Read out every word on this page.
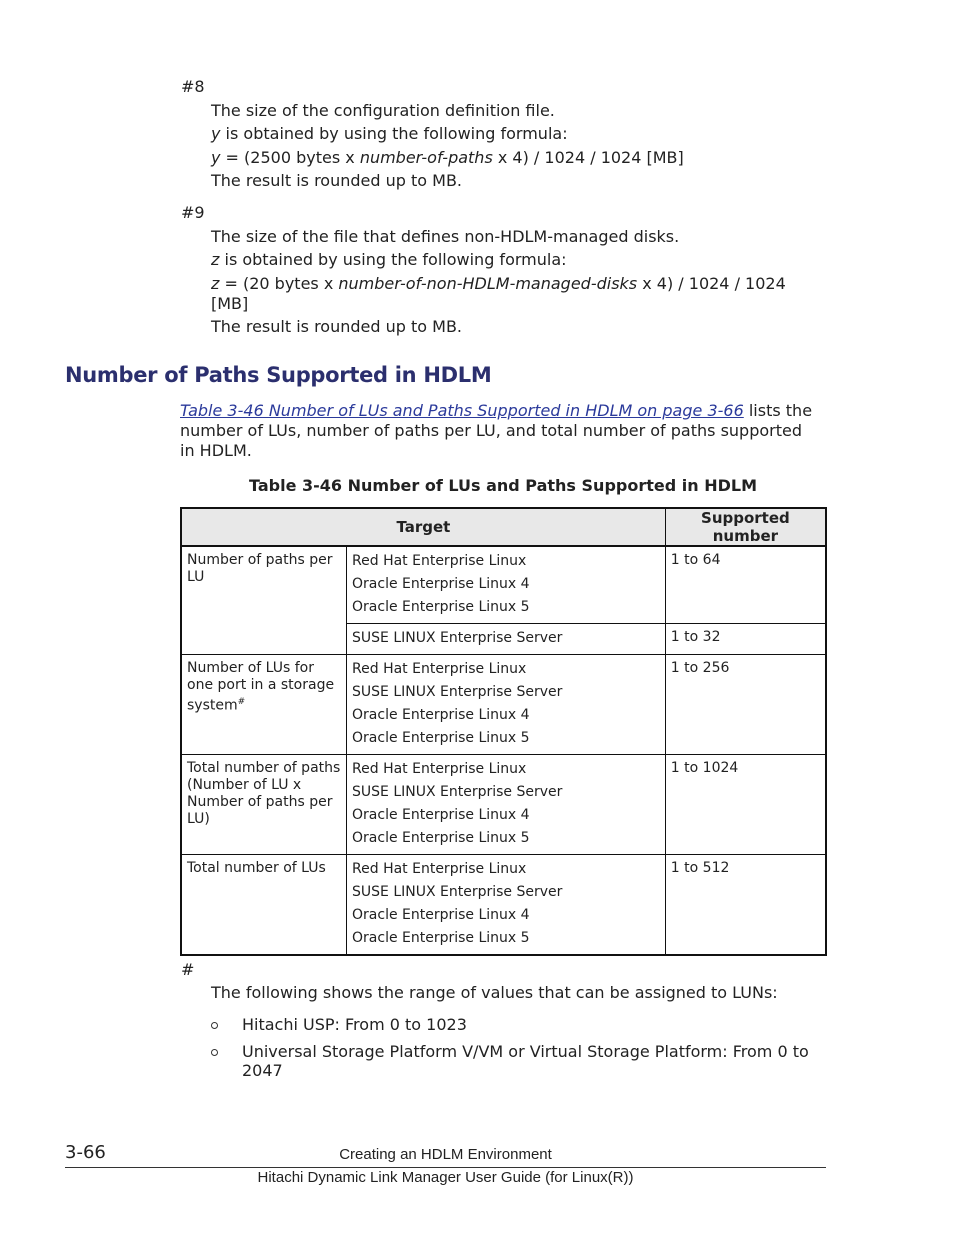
#8
The size of the configuration definition file.
y is obtained by using the following formula:
y = (2500 bytes x number-of-paths x 4) / 1024 / 1024 [MB]
The result is rounded up to MB.
#9
The size of the file that defines non-HDLM-managed disks.
z is obtained by using the following formula:
z = (20 bytes x number-of-non-HDLM-managed-disks x 4) / 1024 / 1024
[MB]
The result is rounded up to MB.
Number of Paths Supported in HDLM
Table 3-46 Number of LUs and Paths Supported in HDLM on page 3-66 lists the number of LUs, number of paths per LU, and total number of paths supported in HDLM.
Table 3-46 Number of LUs and Paths Supported in HDLM
Target		Supported number
Number of paths per LU	Red Hat Enterprise Linux
Oracle Enterprise Linux 4
Oracle Enterprise Linux 5	1 to 64

	SUSE LINUX Enterprise Server	1 to 32
Number of LUs for one port in a storage system#	Red Hat Enterprise Linux
SUSE LINUX Enterprise Server
Oracle Enterprise Linux 4
Oracle Enterprise Linux 5	1 to 256
Total number of paths (Number of LU x Number of paths per LU)	Red Hat Enterprise Linux
SUSE LINUX Enterprise Server
Oracle Enterprise Linux 4
Oracle Enterprise Linux 5	1 to 1024
Total number of LUs	Red Hat Enterprise Linux
SUSE LINUX Enterprise Server
Oracle Enterprise Linux 4
Oracle Enterprise Linux 5	1 to 512
#
The following shows the range of values that can be assigned to LUNs:
Hitachi USP: From 0 to 1023
Universal Storage Platform V/VM or Virtual Storage Platform: From 0 to 2047
3-66	Creating an HDLM Environment
Hitachi Dynamic Link Manager User Guide (for Linux(R))
